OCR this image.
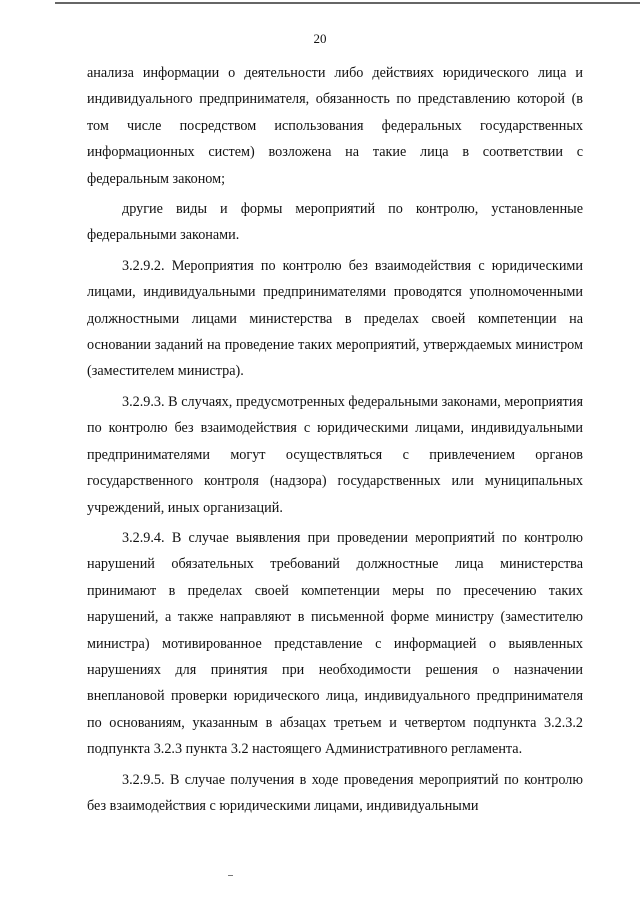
20

анализа информации о деятельности либо действиях юридического лица и индивидуального предпринимателя, обязанность по представлению которой (в том числе посредством использования федеральных государственных информационных систем) возложена на такие лица в соответствии с федеральным законом;

другие виды и формы мероприятий по контролю, установленные федеральными законами.

3.2.9.2. Мероприятия по контролю без взаимодействия с юридическими лицами, индивидуальными предпринимателями проводятся уполномоченными должностными лицами министерства в пределах своей компетенции на основании заданий на проведение таких мероприятий, утверждаемых министром (заместителем министра).

3.2.9.3. В случаях, предусмотренных федеральными законами, мероприятия по контролю без взаимодействия с юридическими лицами, индивидуальными предпринимателями могут осуществляться с привлечением органов государственного контроля (надзора) государственных или муниципальных учреждений, иных организаций.

3.2.9.4. В случае выявления при проведении мероприятий по контролю нарушений обязательных требований должностные лица министерства принимают в пределах своей компетенции меры по пресечению таких нарушений, а также направляют в письменной форме министру (заместителю министра) мотивированное представление с информацией о выявленных нарушениях для принятия при необходимости решения о назначении внеплановой проверки юридического лица, индивидуального предпринимателя по основаниям, указанным в абзацах третьем и четвертом подпункта 3.2.3.2 подпункта 3.2.3 пункта 3.2 настоящего Административного регламента.

3.2.9.5. В случае получения в ходе проведения мероприятий по контролю без взаимодействия с юридическими лицами, индивидуальными
